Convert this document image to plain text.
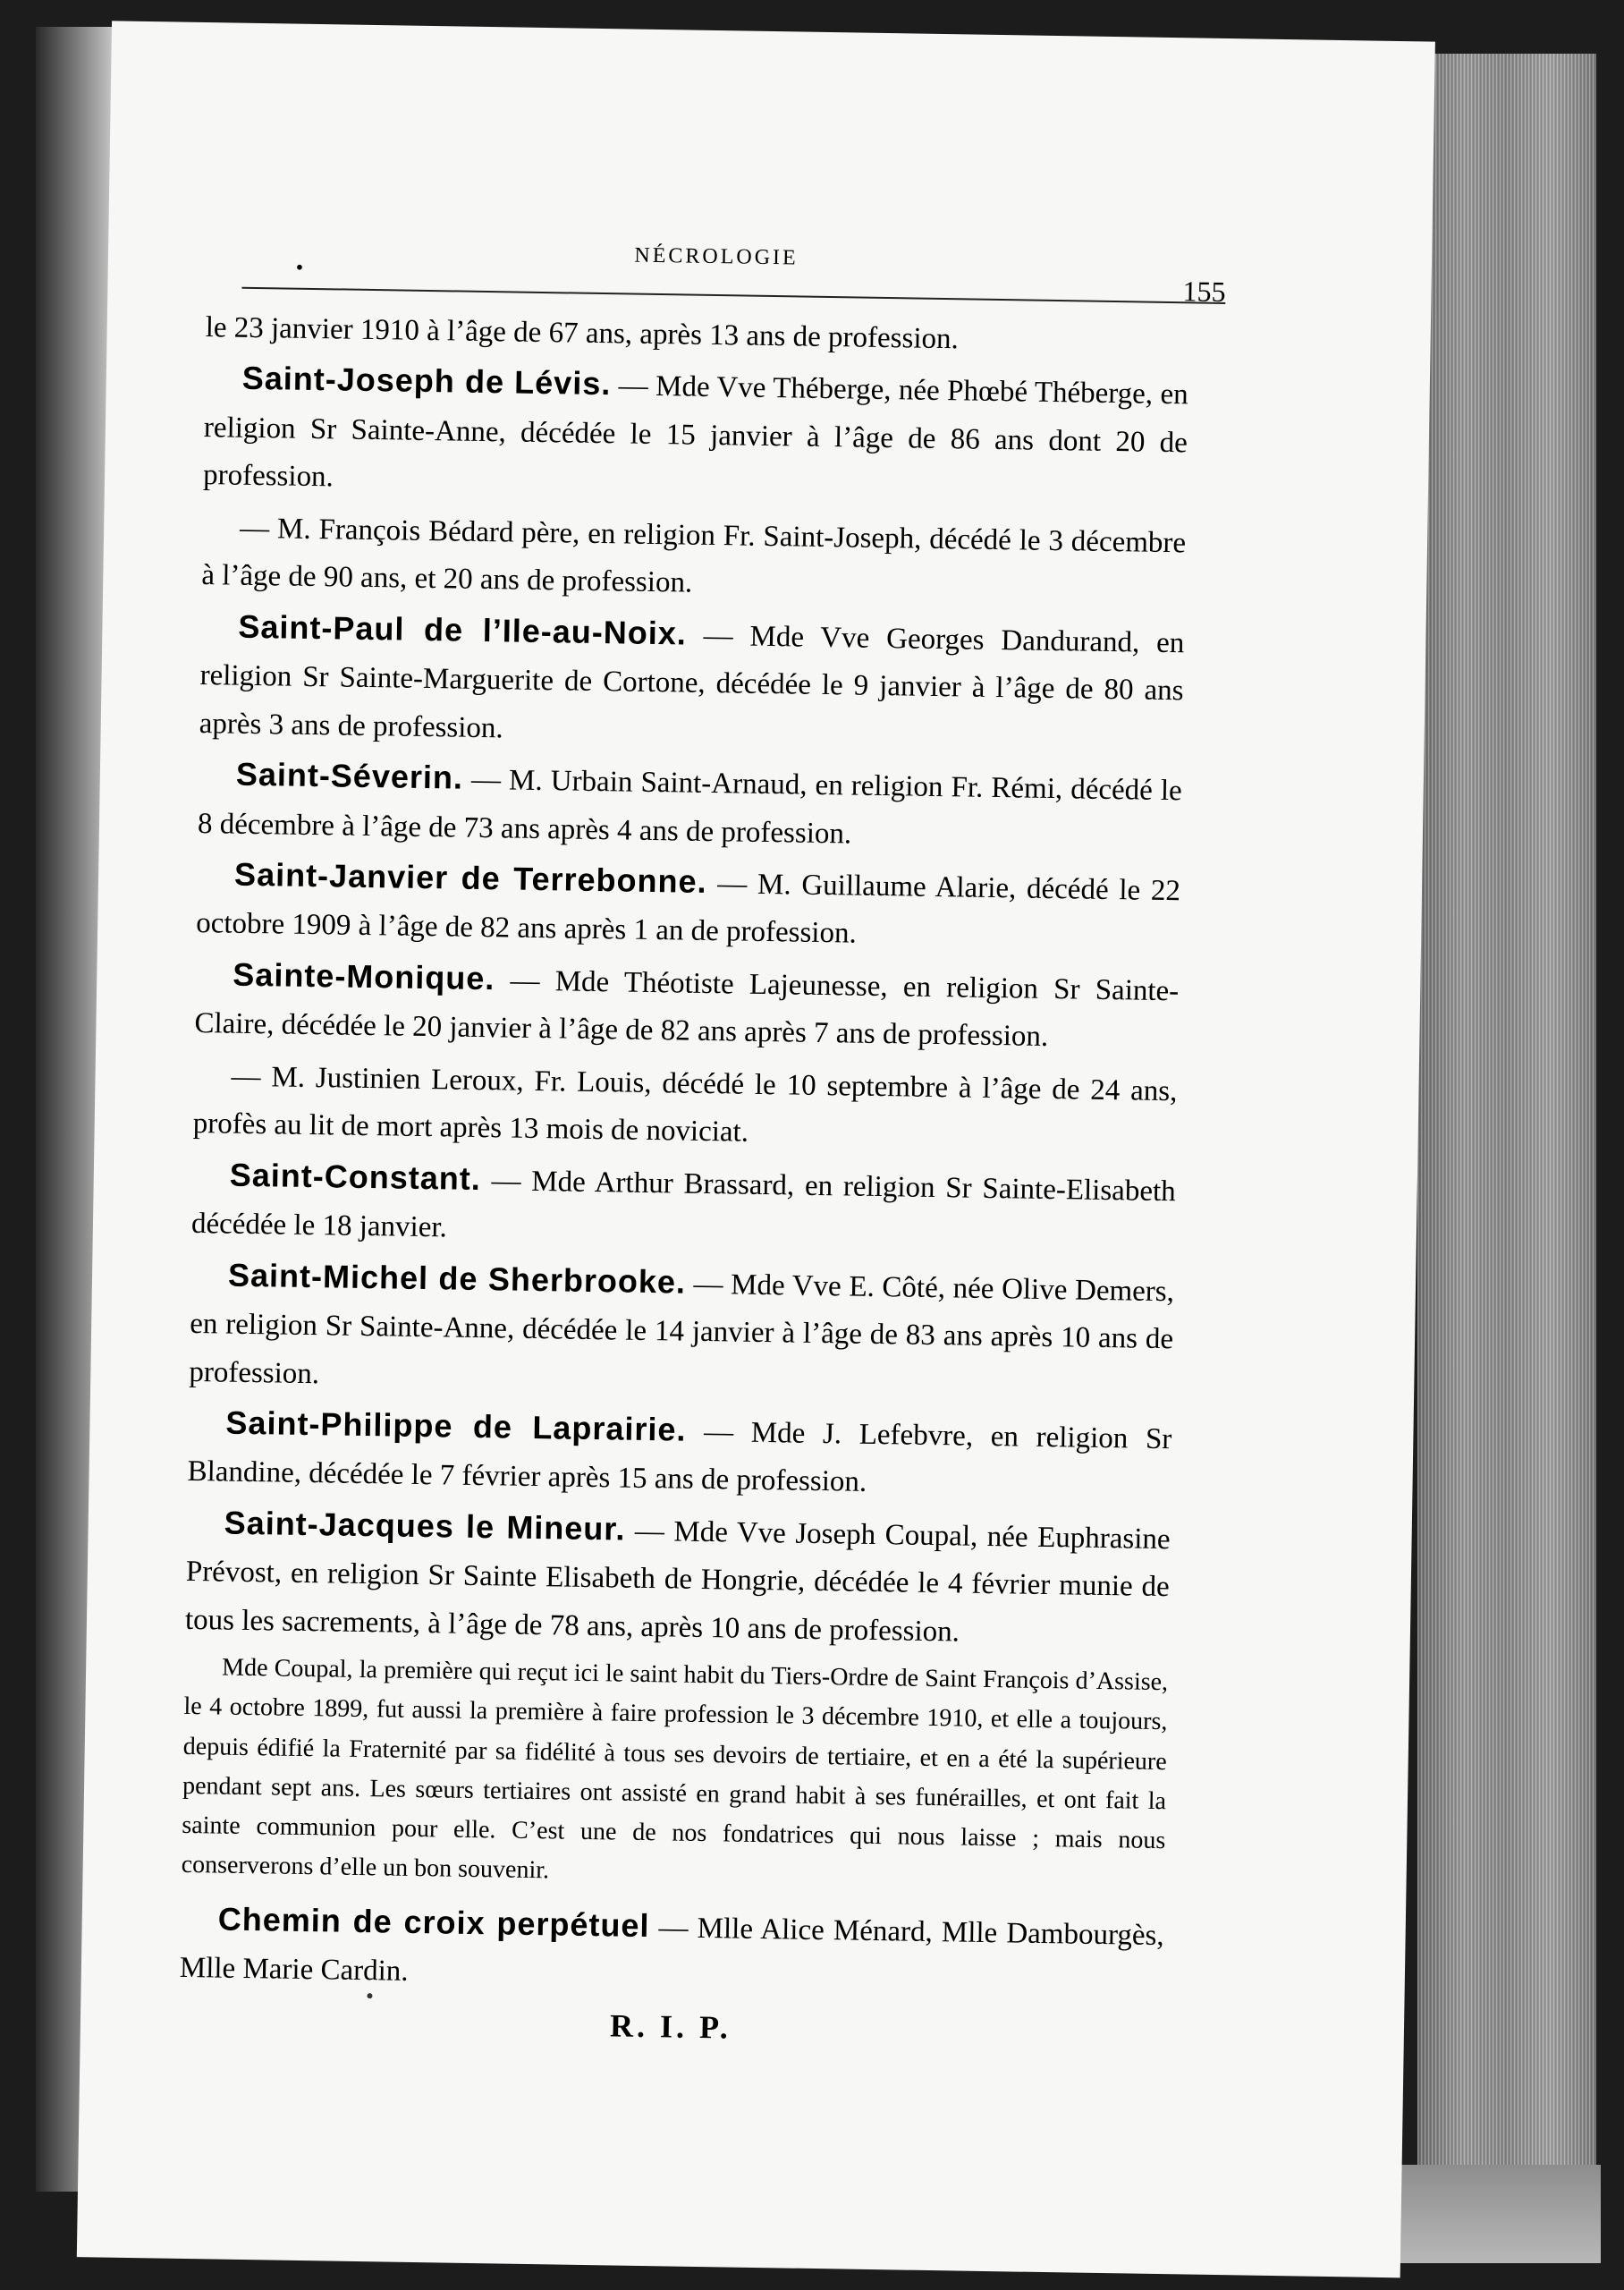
•	NÉCROLOGIE
155

le 23 janvier 1910 à l’âge de 67 ans, après 13 ans de profession.

Saint-Joseph de Lévis. — Mde Vve Théberge, née Phœbé Théberge, en religion Sr Sainte-Anne, décédée le 15 janvier à l’âge de 86 ans dont 20 de profession.

— M. François Bédard père, en religion Fr. Saint-Joseph, décédé le 3 décembre à l’âge de 90 ans, et 20 ans de profession.

Saint-Paul de l’Ile-au-Noix. — Mde Vve Georges Dandurand, en religion Sr Sainte-Marguerite de Cortone, décédée le 9 janvier à l’âge de 80 ans après 3 ans de profession.

Saint-Séverin. — M. Urbain Saint-Arnaud, en religion Fr. Rémi, décédé le 8 décembre à l’âge de 73 ans après 4 ans de profession.

Saint-Janvier de Terrebonne. — M. Guillaume Alarie, décédé le 22 octobre 1909 à l’âge de 82 ans après 1 an de profession.

Sainte-Monique. — Mde Théotiste Lajeunesse, en religion Sr Sainte-Claire, décédée le 20 janvier à l’âge de 82 ans après 7 ans de profession.

— M. Justinien Leroux, Fr. Louis, décédé le 10 septembre à l’âge de 24 ans, profès au lit de mort après 13 mois de noviciat.

Saint-Constant. — Mde Arthur Brassard, en religion Sr Sainte-Elisabeth décédée le 18 janvier.

Saint-Michel de Sherbrooke. — Mde Vve E. Côté, née Olive Demers, en religion Sr Sainte-Anne, décédée le 14 janvier à l’âge de 83 ans après 10 ans de profession.

Saint-Philippe de Laprairie. — Mde J. Lefebvre, en religion Sr Blandine, décédée le 7 février après 15 ans de profession.

Saint-Jacques le Mineur. — Mde Vve Joseph Coupal, née Euphrasine Prévost, en religion Sr Sainte Elisabeth de Hongrie, décédée le 4 février munie de tous les sacrements, à l’âge de 78 ans, après 10 ans de profession.

Mde Coupal, la première qui reçut ici le saint habit du Tiers-Ordre de Saint François d’Assise, le 4 octobre 1899, fut aussi la première à faire profession le 3 décembre 1910, et elle a toujours, depuis édifié la Fraternité par sa fidélité à tous ses devoirs de tertiaire, et en a été la supérieure pendant sept ans. Les sœurs tertiaires ont assisté en grand habit à ses funérailles, et ont fait la sainte communion pour elle. C’est une de nos fondatrices qui nous laisse ; mais nous conserverons d’elle un bon souvenir.

Chemin de croix perpétuel — Mlle Alice Ménard, Mlle Dambourgès, Mlle Marie Cardin.

R. I. P.
